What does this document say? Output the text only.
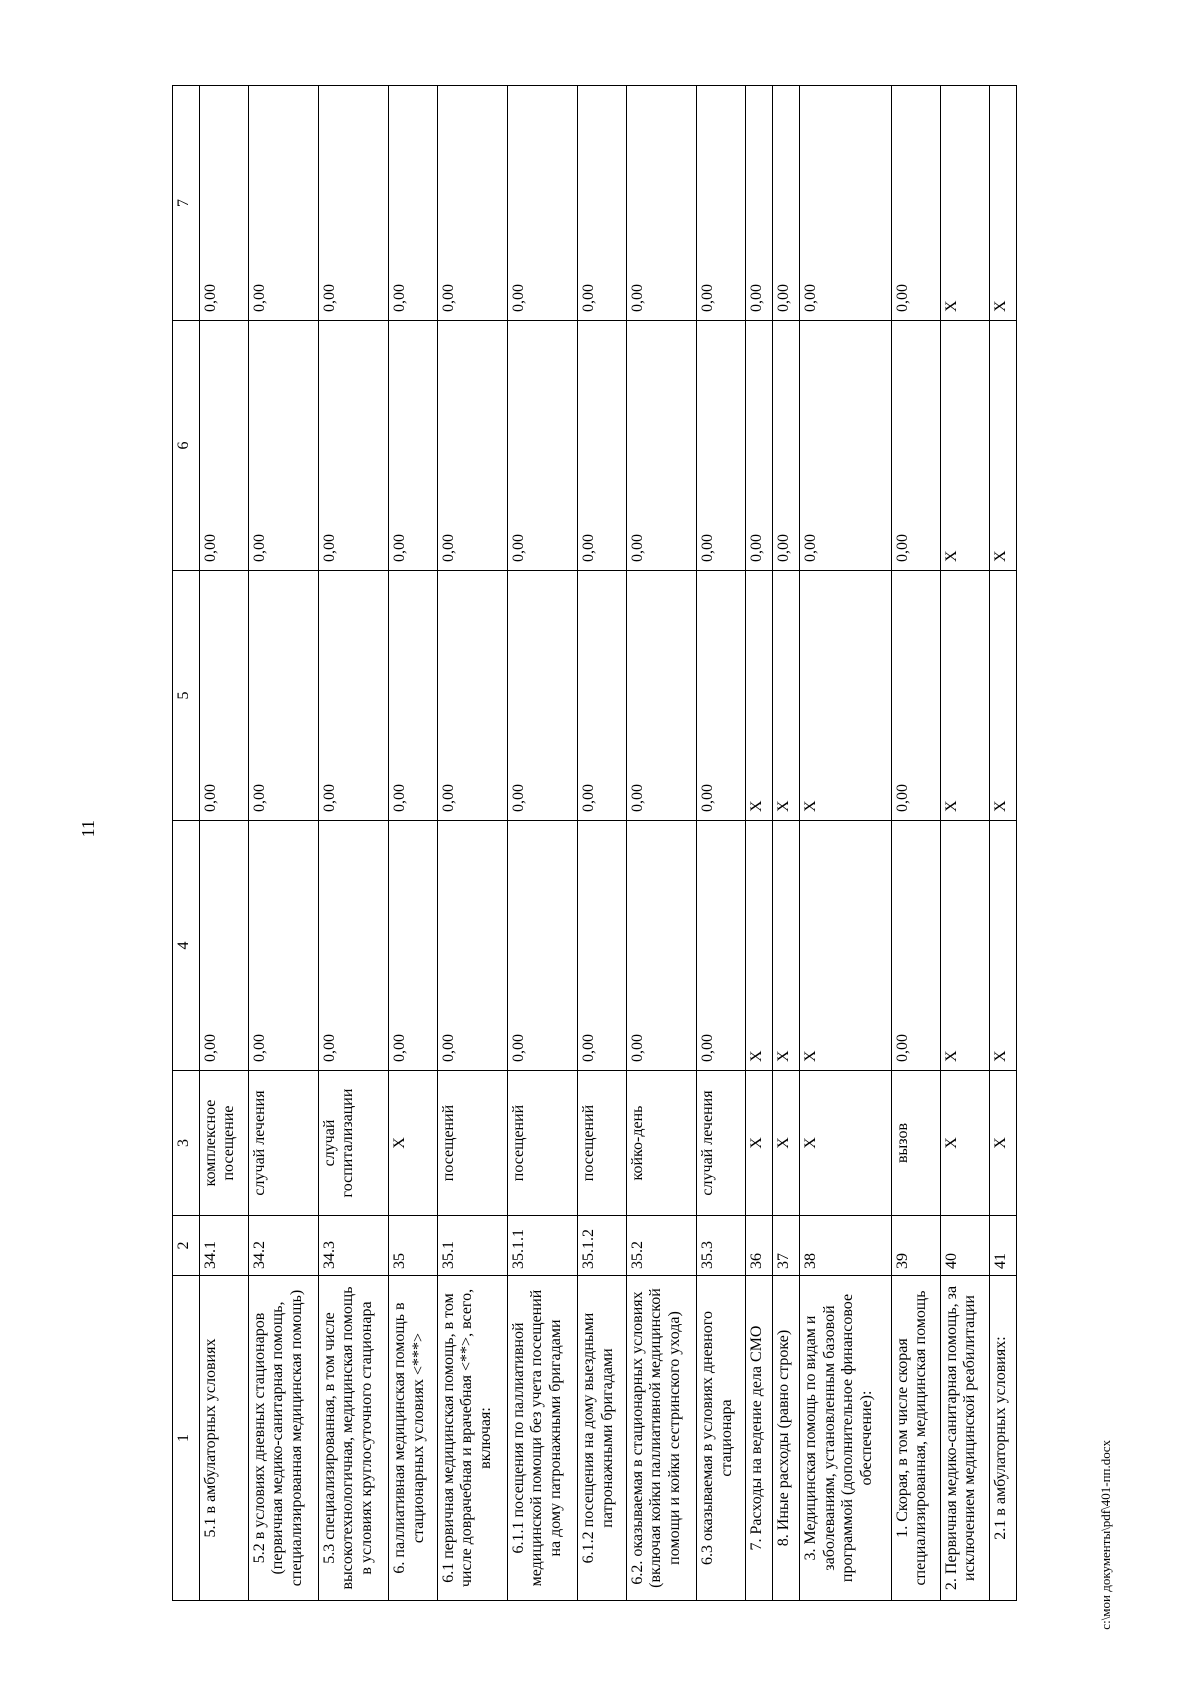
11
1	2	3	4	5	6	7
5.1 в амбулаторных условиях	34.1	комплексное посещение	0,00	0,00	0,00	0,00
5.2 в условиях дневных стационаров (первичная медико-санитарная помощь, специализированная медицинская помощь)	34.2	случай лечения	0,00	0,00	0,00	0,00
5.3 специализированная, в том числе высокотехнологичная, медицинская помощь в условиях круглосуточного стационара	34.3	случай госпитализации	0,00	0,00	0,00	0,00
6. паллиативная медицинская помощь в стационарных условиях <***>	35	X	0,00	0,00	0,00	0,00
6.1 первичная медицинская помощь, в том числе доврачебная и врачебная <**>, всего, включая:	35.1	посещений	0,00	0,00	0,00	0,00
6.1.1 посещения по паллиативной медицинской помощи без учета посещений на дому патронажными бригадами	35.1.1	посещений	0,00	0,00	0,00	0,00
6.1.2 посещения на дому выездными патронажными бригадами	35.1.2	посещений	0,00	0,00	0,00	0,00
6.2. оказываемая в стационарных условиях (включая койки паллиативной медицинской помощи и койки сестринского ухода)	35.2	койко-день	0,00	0,00	0,00	0,00
6.3 оказываемая в условиях дневного стационара	35.3	случай лечения	0,00	0,00	0,00	0,00
7. Расходы на ведение дела СМО	36	X	X	X	0,00	0,00
8. Иные расходы (равно строке)	37	X	X	X	0,00	0,00
3. Медицинская помощь по видам и заболеваниям, установленным базовой программой (дополнительное финансовое обеспечение):	38	X	X	X	0,00	0,00
1. Скорая, в том числе скорая специализированная, медицинская помощь	39	вызов	0,00	0,00	0,00	0,00
2. Первичная медико-санитарная помощь, за исключением медицинской реабилитации	40	X	X	X	X	X
2.1 в амбулаторных условиях:	41	X	X	X	X	X
c:\мои документы\pdf\401-пп.docx
